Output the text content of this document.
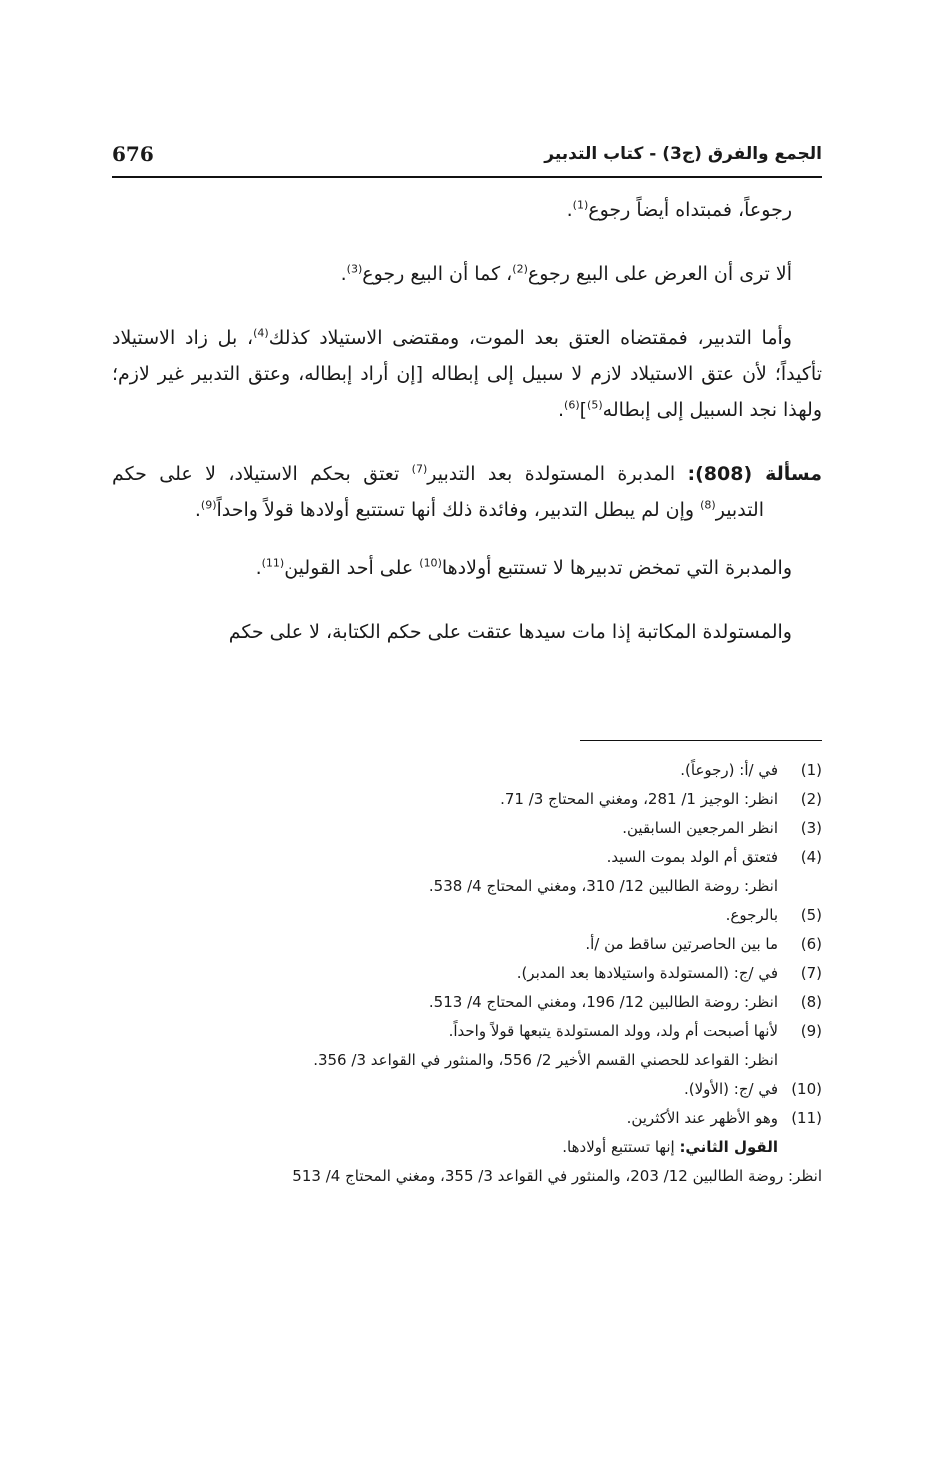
676	الجمع والفرق (ج3) - كتاب التدبير

رجوعاً، فمبتداه أيضاً رجوع$^{(1)}$.

ألا ترى أن العرض على البيع رجوع$^{(2)}$، كما أن البيع رجوع$^{(3)}$.

وأما التدبير، فمقتضاه العتق بعد الموت، ومقتضى الاستيلاد كذلك$^{(4)}$، بل زاد الاستيلاد تأكيداً؛ لأن عتق الاستيلاد لازم لا سبيل إلى إبطاله [إن أراد إبطاله، وعتق التدبير غير لازم؛ ولهذا نجد السبيل إلى إبطاله$^{(5)}$]$^{(6)}$.

مسألة (808): المدبرة المستولدة بعد التدبير$^{(7)}$ تعتق بحكم الاستيلاد، لا على حكم التدبير$^{(8)}$ وإن لم يبطل التدبير، وفائدة ذلك أنها تستتبع أولادها قولاً واحداً$^{(9)}$.

والمدبرة التي تمخض تدبيرها لا تستتبع أولادها$^{(10)}$ على أحد القولين$^{(11)}$.

والمستولدة المكاتبة إذا مات سيدها عتقت على حكم الكتابة، لا على حكم

(1)

في /أ: (رجوعاً).

(2)

انظر: الوجيز 1/ 281، ومغني المحتاج 3/ 71.

(3)

انظر المرجعين السابقين.

(4)

فتعتق أم الولد بموت السيد.

انظر: روضة الطالبين 12/ 310، ومغني المحتاج 4/ 538.

(5)

بالرجوع.

(6)

ما بين الحاصرتين ساقط من /أ.

(7)

في /ج: (المستولدة واستيلادها بعد المدبر).

(8)

انظر: روضة الطالبين 12/ 196، ومغني المحتاج 4/ 513.

(9)

لأنها أصبحت أم ولد، وولد المستولدة يتبعها قولاً واحداً.

انظر: القواعد للحصني القسم الأخير 2/ 556، والمنثور في القواعد 3/ 356.

(10)

في /ج: (الأولا).

(11)

وهو الأظهر عند الأكثرين.

القول الثاني: إنها تستتبع أولادها.

انظر: روضة الطالبين 12/ 203، والمنثور في القواعد 3/ 355، ومغني المحتاج 4/ 513
